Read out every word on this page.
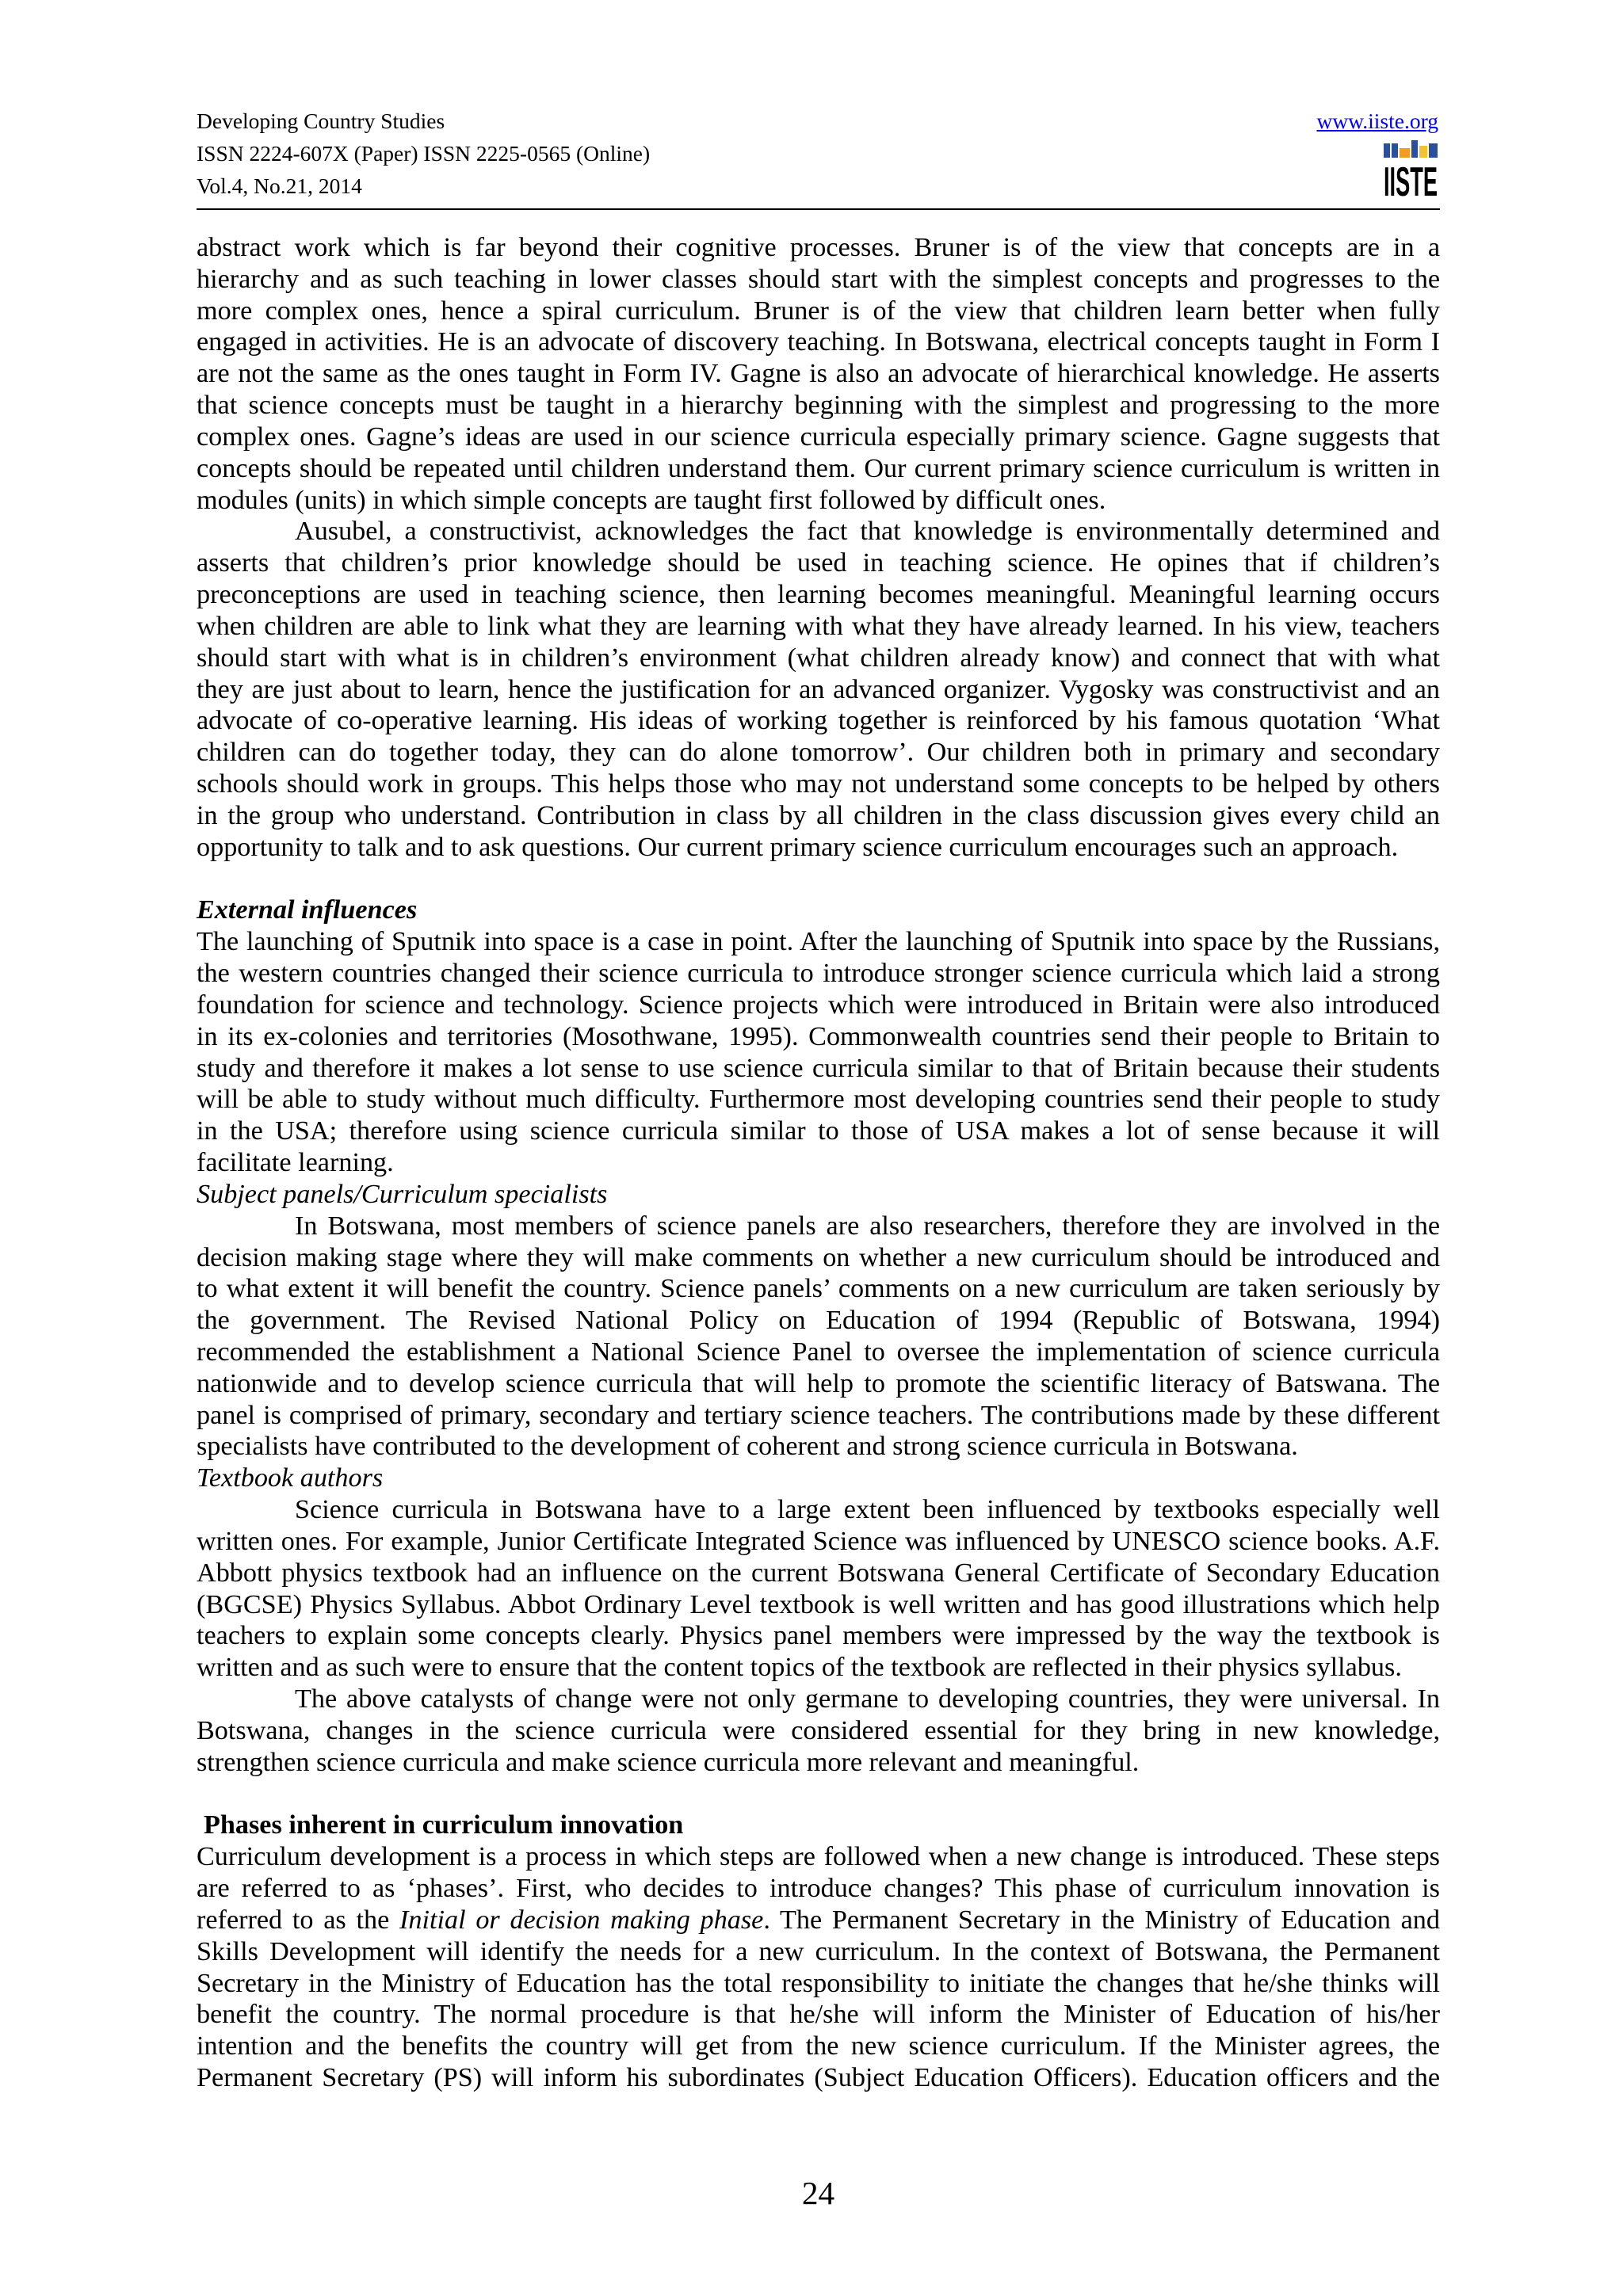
Developing Country Studies
ISSN 2224-607X (Paper) ISSN 2225-0565 (Online)
Vol.4, No.21, 2014
www.iiste.org
IISTE
abstract work which is far beyond their cognitive processes. Bruner is of the view that concepts are in a
hierarchy and as such teaching in lower classes should start with the simplest concepts and progresses to the
more complex ones, hence a spiral curriculum. Bruner is of the view that children learn better when fully
engaged in activities. He is an advocate of discovery teaching. In Botswana, electrical concepts taught in Form I
are not the same as the ones taught in Form IV. Gagne is also an advocate of hierarchical knowledge. He asserts
that science concepts must be taught in a hierarchy beginning with the simplest and progressing to the more
complex ones. Gagne’s ideas are used in our science curricula especially primary science. Gagne suggests that
concepts should be repeated until children understand them. Our current primary science curriculum is written in
modules (units) in which simple concepts are taught first followed by difficult ones.
Ausubel, a constructivist, acknowledges the fact that knowledge is environmentally determined and
asserts that children’s prior knowledge should be used in teaching science. He opines that if children’s
preconceptions are used in teaching science, then learning becomes meaningful. Meaningful learning occurs
when children are able to link what they are learning with what they have already learned. In his view, teachers
should start with what is in children’s environment (what children already know) and connect that with what
they are just about to learn, hence the justification for an advanced organizer. Vygosky was constructivist and an
advocate of co-operative learning. His ideas of working together is reinforced by his famous quotation ‘What
children can do together today, they can do alone tomorrow’. Our children both in primary and secondary
schools should work in groups. This helps those who may not understand some concepts to be helped by others
in the group who understand. Contribution in class by all children in the class discussion gives every child an
opportunity to talk and to ask questions. Our current primary science curriculum encourages such an approach.
External influences
The launching of Sputnik into space is a case in point. After the launching of Sputnik into space by the Russians,
the western countries changed their science curricula to introduce stronger science curricula which laid a strong
foundation for science and technology. Science projects which were introduced in Britain were also introduced
in its ex-colonies and territories (Mosothwane, 1995). Commonwealth countries send their people to Britain to
study and therefore it makes a lot sense to use science curricula similar to that of Britain because their students
will be able to study without much difficulty. Furthermore most developing countries send their people to study
in the USA; therefore using science curricula similar to those of USA makes a lot of sense because it will
facilitate learning.
Subject panels/Curriculum specialists
In Botswana, most members of science panels are also researchers, therefore they are involved in the
decision making stage where they will make comments on whether a new curriculum should be introduced and
to what extent it will benefit the country. Science panels’ comments on a new curriculum are taken seriously by
the government. The Revised National Policy on Education of 1994 (Republic of Botswana, 1994)
recommended the establishment a National Science Panel to oversee the implementation of science curricula
nationwide and to develop science curricula that will help to promote the scientific literacy of Batswana. The
panel is comprised of primary, secondary and tertiary science teachers. The contributions made by these different
specialists have contributed to the development of coherent and strong science curricula in Botswana.
Textbook authors
Science curricula in Botswana have to a large extent been influenced by textbooks especially well
written ones. For example, Junior Certificate Integrated Science was influenced by UNESCO science books. A.F.
Abbott physics textbook had an influence on the current Botswana General Certificate of Secondary Education
(BGCSE) Physics Syllabus. Abbot Ordinary Level textbook is well written and has good illustrations which help
teachers to explain some concepts clearly. Physics panel members were impressed by the way the textbook is
written and as such were to ensure that the content topics of the textbook are reflected in their physics syllabus.
The above catalysts of change were not only germane to developing countries, they were universal. In
Botswana, changes in the science curricula were considered essential for they bring in new knowledge,
strengthen science curricula and make science curricula more relevant and meaningful.
Phases inherent in curriculum innovation
Curriculum development is a process in which steps are followed when a new change is introduced. These steps
are referred to as ‘phases’. First, who decides to introduce changes? This phase of curriculum innovation is
referred to as the Initial or decision making phase. The Permanent Secretary in the Ministry of Education and
Skills Development will identify the needs for a new curriculum. In the context of Botswana, the Permanent
Secretary in the Ministry of Education has the total responsibility to initiate the changes that he/she thinks will
benefit the country. The normal procedure is that he/she will inform the Minister of Education of his/her
intention and the benefits the country will get from the new science curriculum. If the Minister agrees, the
Permanent Secretary (PS) will inform his subordinates (Subject Education Officers). Education officers and the
24
